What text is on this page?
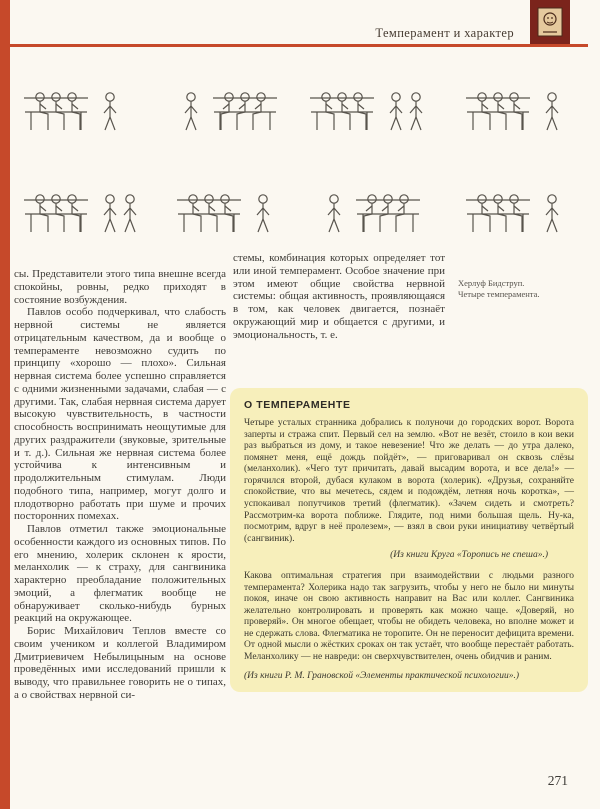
Темперамент и характер
Херлуф Бидструп.
Четыре темперамента.

сы. Представители этого типа внешне всегда спокойны, ровны, редко приходят в состояние возбуждения.

Павлов особо подчеркивал, что слабость нервной системы не является отрицательным качеством, да и вообще о темпераменте невозможно судить по принципу «хорошо — плохо». Сильная нервная система более успешно справляется с одними жизненными задачами, слабая — с другими. Так, слабая нервная система дарует высокую чувствительность, в частности способность воспринимать неощутимые для других раздражители (звуковые, зрительные и т. д.). Сильная же нервная система более устойчива к интенсивным и продолжительным стимулам. Люди подобного типа, например, могут долго и плодотворно работать при шуме и прочих посторонних помехах.

Павлов отметил также эмоциональные особенности каждого из основных типов. По его мнению, холерик склонен к ярости, меланхолик — к страху, для сангвиника характерно преобладание положительных эмоций, а флегматик вообще не обнаруживает сколько-нибудь бурных реакций на окружающее.

Борис Михайлович Теплов вместе со своим учеником и коллегой Владимиром Дмитриевичем Небылицыным на основе проведённых ими исследований пришли к выводу, что правильнее говорить не о типах, а о свойствах нервной си-

стемы, комбинация которых определяет тот или иной темперамент. Особое значение при этом имеют общие свойства нервной системы: общая активность, проявляющаяся в том, как человек двигается, познаёт окружающий мир и общается с другими, и эмоциональность, т. е.

О ТЕМПЕРАМЕНТЕ

Четыре усталых странника добрались к полуночи до городских ворот. Ворота заперты и стража спит. Первый сел на землю. «Вот не везёт, стоило в кои веки раз выбраться из дому, и такое невезение! Что же делать — до утра далеко, помянет меня, ещё дождь пойдёт», — приговаривал он сквозь слёзы (меланхолик). «Чего тут причитать, давай высадим ворота, и все дела!» — горячился второй, дубася кулаком в ворота (холерик). «Друзья, сохраняйте спокойствие, что вы мечетесь, сядем и подождём, летняя ночь коротка», — успокаивал попутчиков третий (флегматик). «Зачем сидеть и смотреть? Рассмотрим-ка ворота поближе. Глядите, под ними большая щель. Ну-ка, посмотрим, вдруг в неё пролезем», — взял в свои руки инициативу четвёртый (сангвиник).

(Из книги Круга «Торопись не спеша».)

Какова оптимальная стратегия при взаимодействии с людьми разного темперамента? Холерика надо так загрузить, чтобы у него не было ни минуты покоя, иначе он свою активность направит на Вас или коллег. Сангвиника желательно контролировать и проверять как можно чаще. «Доверяй, но проверяй». Он многое обещает, чтобы не обидеть человека, но вполне может и не сдержать слова. Флегматика не торопите. Он не переносит дефицита времени. От одной мысли о жёстких сроках он так устаёт, что вообще перестаёт работать. Меланхолику — не навреди: он сверхчувствителен, очень обидчив и раним.

(Из книги Р. М. Грановской «Элементы практической психологии».)

271
